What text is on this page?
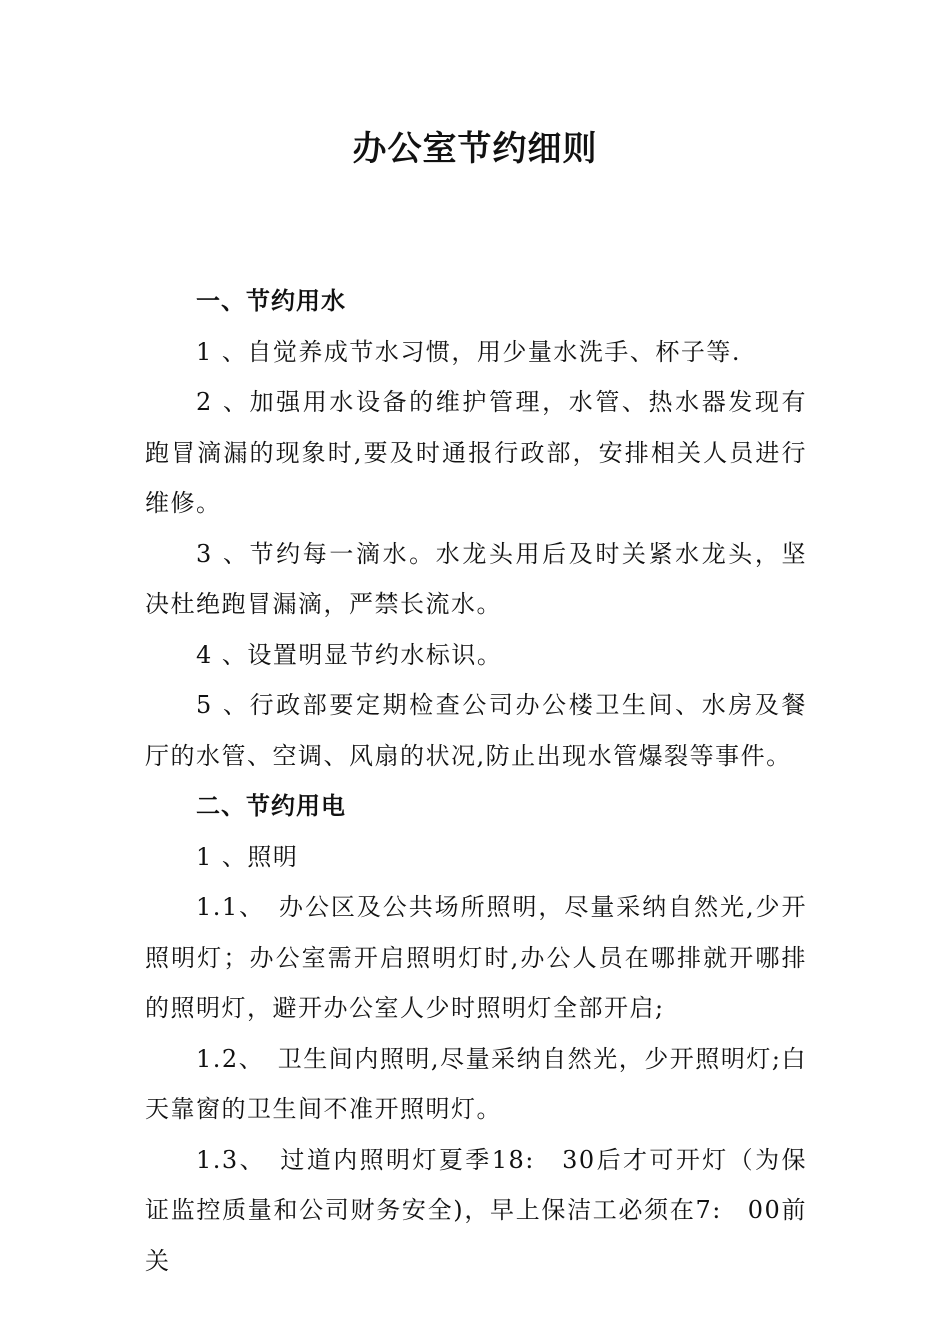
办公室节约细则

一、节约用水

1 、自觉养成节水习惯，用少量水洗手、杯子等.

2 、加强用水设备的维护管理，水管、热水器发现有跑冒滴漏的现象时,要及时通报行政部，安排相关人员进行维修。

3 、节约每一滴水。水龙头用后及时关紧水龙头，坚决杜绝跑冒漏滴，严禁长流水。

4 、设置明显节约水标识。

5 、行政部要定期检查公司办公楼卫生间、水房及餐厅的水管、空调、风扇的状况,防止出现水管爆裂等事件。

二、节约用电

1 、照明

1.1、　办公区及公共场所照明，尽量采纳自然光,少开照明灯；办公室需开启照明灯时,办公人员在哪排就开哪排的照明灯，避开办公室人少时照明灯全部开启;

1.2、　卫生间内照明,尽量采纳自然光，少开照明灯;白天靠窗的卫生间不准开照明灯。

1.3、　过道内照明灯夏季18:　30后才可开灯（为保证监控质量和公司财务安全)，早上保洁工必须在7:　00前关
